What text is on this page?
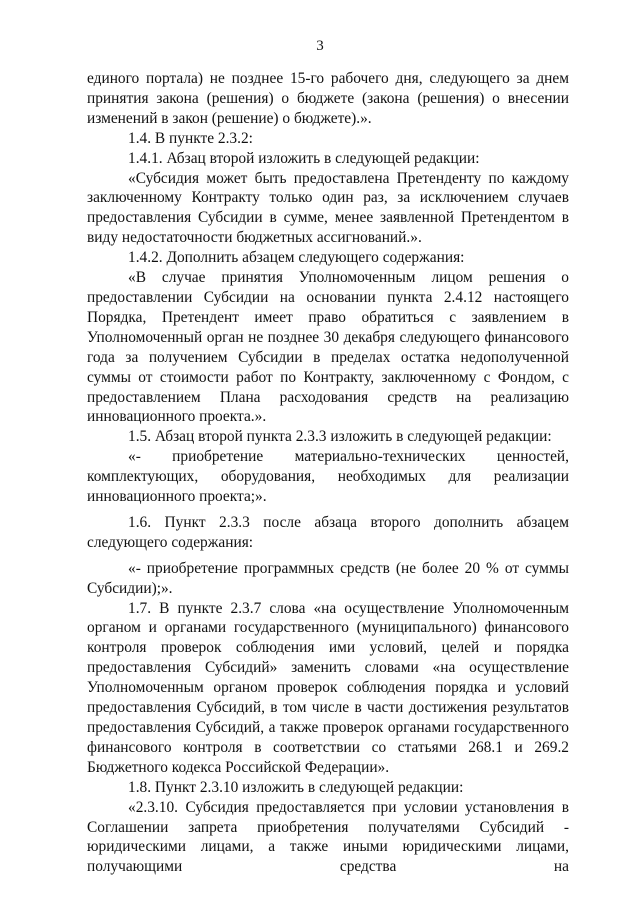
3

единого портала) не позднее 15-го рабочего дня, следующего за днем принятия закона (решения) о бюджете (закона (решения) о внесении изменений в закон (решение) о бюджете).».

1.4. В пункте 2.3.2:

1.4.1. Абзац второй изложить в следующей редакции:

«Субсидия может быть предоставлена Претенденту по каждому заключенному Контракту только один раз, за исключением случаев предоставления Субсидии в сумме, менее заявленной Претендентом в виду недостаточности бюджетных ассигнований.».

1.4.2. Дополнить абзацем следующего содержания:

«В случае принятия Уполномоченным лицом решения о предоставлении Субсидии на основании пункта 2.4.12 настоящего Порядка, Претендент имеет право обратиться с заявлением в Уполномоченный орган не позднее 30 декабря следующего финансового года за получением Субсидии в пределах остатка недополученной суммы от стоимости работ по Контракту, заключенному с Фондом, с предоставлением Плана расходования средств на реализацию инновационного проекта.».

1.5. Абзац второй пункта 2.3.3 изложить в следующей редакции:

«- приобретение материально-технических ценностей, комплектующих, оборудования, необходимых для реализации инновационного проекта;».

1.6. Пункт 2.3.3 после абзаца второго дополнить абзацем следующего содержания:

«- приобретение программных средств (не более 20 % от суммы Субсидии);».

1.7. В пункте 2.3.7 слова «на осуществление Уполномоченным органом и органами государственного (муниципального) финансового контроля проверок соблюдения ими условий, целей и порядка предоставления Субсидий» заменить словами «на осуществление Уполномоченным органом проверок соблюдения порядка и условий предоставления Субсидий, в том числе в части достижения результатов предоставления Субсидий, а также проверок органами государственного финансового контроля в соответствии со статьями 268.1 и 269.2 Бюджетного кодекса Российской Федерации».

1.8. Пункт 2.3.10 изложить в следующей редакции:

«2.3.10. Субсидия предоставляется при условии установления в Соглашении запрета приобретения получателями Субсидий - юридическими лицами, а также иными юридическими лицами, получающими средства на
